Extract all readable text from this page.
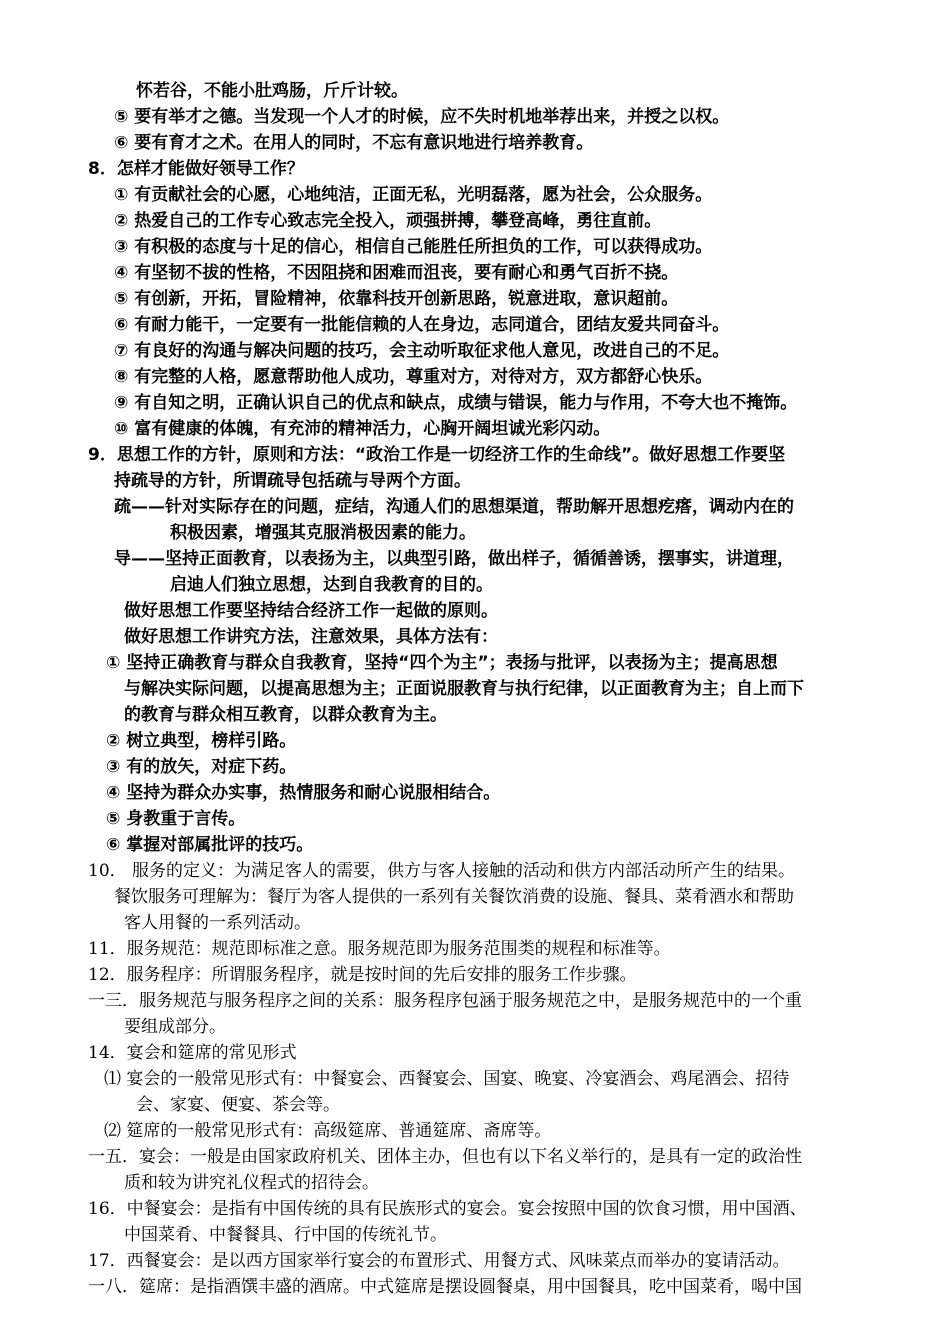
怀若谷，不能小肚鸡肠，斤斤计较。
⑤ 要有举才之德。当发现一个人才的时候，应不失时机地举荐出来，并授之以权。
⑥ 要有育才之术。在用人的同时，不忘有意识地进行培养教育。
8．怎样才能做好领导工作？
① 有贡献社会的心愿，心地纯洁，正面无私，光明磊落，愿为社会，公众服务。
② 热爱自己的工作专心致志完全投入，顽强拼搏，攀登高峰，勇往直前。
③ 有积极的态度与十足的信心，相信自己能胜任所担负的工作，可以获得成功。
④ 有坚韧不拔的性格，不因阻挠和困难而沮丧，要有耐心和勇气百折不挠。
⑤ 有创新，开拓，冒险精神，依靠科技开创新思路，锐意进取，意识超前。
⑥ 有耐力能干，一定要有一批能信赖的人在身边，志同道合，团结友爱共同奋斗。
⑦ 有良好的沟通与解决问题的技巧，会主动听取征求他人意见，改进自己的不足。
⑧ 有完整的人格，愿意帮助他人成功，尊重对方，对待对方，双方都舒心快乐。
⑨ 有自知之明，正确认识自己的优点和缺点，成绩与错误，能力与作用，不夸大也不掩饰。
⑩ 富有健康的体魄，有充沛的精神活力，心胸开阔坦诚光彩闪动。
9．思想工作的方针，原则和方法：“政治工作是一切经济工作的生命线”。做好思想工作要坚
持疏导的方针，所谓疏导包括疏与导两个方面。
疏——针对实际存在的问题，症结，沟通人们的思想渠道，帮助解开思想疙瘩，调动内在的
积极因素，增强其克服消极因素的能力。
导——坚持正面教育，以表扬为主，以典型引路，做出样子，循循善诱，摆事实，讲道理，
启迪人们独立思想，达到自我教育的目的。
做好思想工作要坚持结合经济工作一起做的原则。
做好思想工作讲究方法，注意效果，具体方法有：
① 坚持正确教育与群众自我教育，坚持“四个为主”；表扬与批评，以表扬为主；提高思想
与解决实际问题，以提高思想为主；正面说服教育与执行纪律，以正面教育为主；自上而下
的教育与群众相互教育，以群众教育为主。
② 树立典型，榜样引路。
③ 有的放矢，对症下药。
④ 坚持为群众办实事，热情服务和耐心说服相结合。
⑤ 身教重于言传。
⑥ 掌握对部属批评的技巧。
10． 服务的定义：为满足客人的需要，供方与客人接触的活动和供方内部活动所产生的结果。
餐饮服务可理解为：餐厅为客人提供的一系列有关餐饮消费的设施、餐具、菜肴酒水和帮助
客人用餐的一系列活动。
11．服务规范：规范即标准之意。服务规范即为服务范围类的规程和标准等。
12．服务程序：所谓服务程序，就是按时间的先后安排的服务工作步骤。
一三．服务规范与服务程序之间的关系：服务程序包涵于服务规范之中，是服务规范中的一个重
要组成部分。
14．宴会和筵席的常见形式
⑴ 宴会的一般常见形式有：中餐宴会、西餐宴会、国宴、晚宴、冷宴酒会、鸡尾酒会、招待
会、家宴、便宴、茶会等。
⑵ 筵席的一般常见形式有：高级筵席、普通筵席、斋席等。
一五．宴会：一般是由国家政府机关、团体主办，但也有以下名义举行的，是具有一定的政治性
质和较为讲究礼仪程式的招待会。
16．中餐宴会：是指有中国传统的具有民族形式的宴会。宴会按照中国的饮食习惯，用中国酒、
中国菜肴、中餐餐具、行中国的传统礼节。
17．西餐宴会：是以西方国家举行宴会的布置形式、用餐方式、风味菜点而举办的宴请活动。
一八．筵席：是指酒馔丰盛的酒席。中式筵席是摆设圆餐桌，用中国餐具，吃中国菜肴，喝中国
